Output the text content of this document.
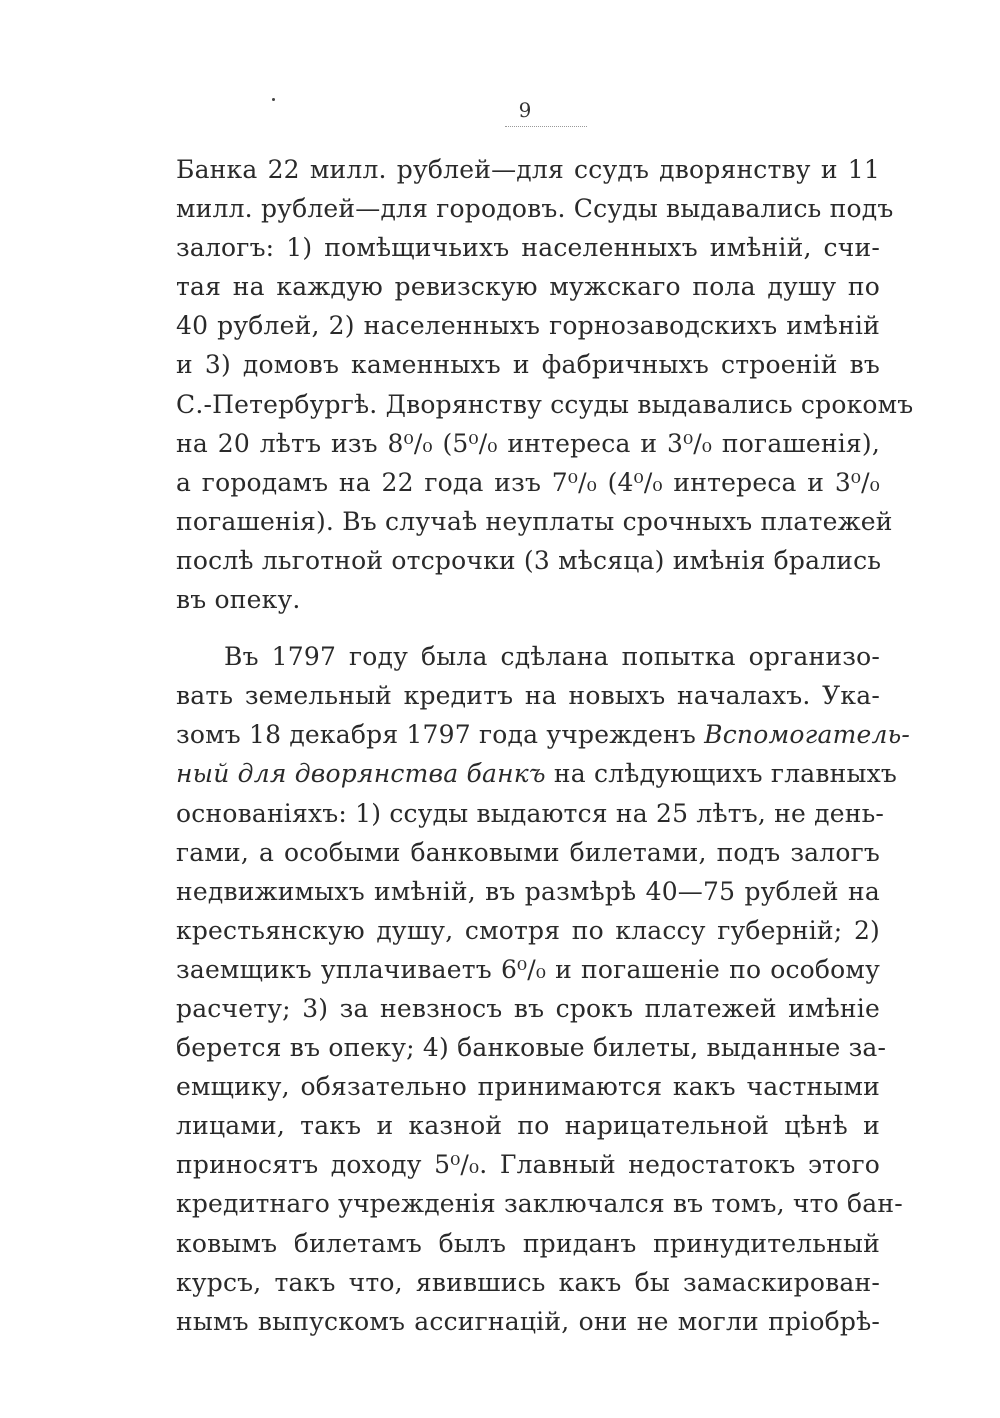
9
Банка 22 милл. рублей—для ссудъ дворянству и 11
милл. рублей—для городовъ. Ссуды выдавались подъ
залогъ: 1) помѣщичьихъ населенныхъ имѣній, счи-
тая на каждую ревизскую мужскаго пола душу по
40 рублей, 2) населенныхъ горнозаводскихъ имѣній
и 3) домовъ каменныхъ и фабричныхъ строеній въ
С.-Петербургѣ. Дворянству ссуды выдавались срокомъ
на 20 лѣтъ изъ 8⁰/₀ (5⁰/₀ интереса и 3⁰/₀ погашенія),
а городамъ на 22 года изъ 7⁰/₀ (4⁰/₀ интереса и 3⁰/₀
погашенія). Въ случаѣ неуплаты срочныхъ платежей
послѣ льготной отсрочки (3 мѣсяца) имѣнія брались
въ опеку.
Въ 1797 году была сдѣлана попытка организо-
вать земельный кредитъ на новыхъ началахъ. Ука-
зомъ 18 декабря 1797 года учрежденъ Вспомогатель-
ный для дворянства банкъ на слѣдующихъ главныхъ
основаніяхъ: 1) ссуды выдаются на 25 лѣтъ, не день-
гами, а особыми банковыми билетами, подъ залогъ
недвижимыхъ имѣній, въ размѣрѣ 40—75 рублей на
крестьянскую душу, смотря по классу губерній; 2)
заемщикъ уплачиваетъ 6⁰/₀ и погашеніе по особому
расчету; 3) за невзносъ въ срокъ платежей имѣніе
берется въ опеку; 4) банковые билеты, выданные за-
емщику, обязательно принимаются какъ частными
лицами, такъ и казной по нарицательной цѣнѣ и
приносятъ доходу 5⁰/₀. Главный недостатокъ этого
кредитнаго учрежденія заключался въ томъ, что бан-
ковымъ билетамъ былъ приданъ принудительный
курсъ, такъ что, явившись какъ бы замаскирован-
нымъ выпускомъ ассигнацій, они не могли пріобрѣ-
